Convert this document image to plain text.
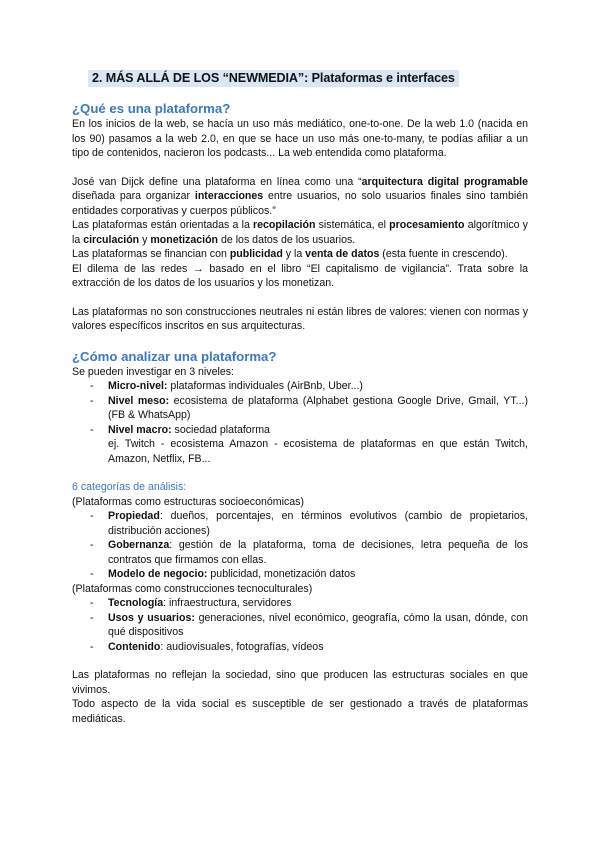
2. MÁS ALLÁ DE LOS “NEWMEDIA”: Plataformas e interfaces

¿Qué es una plataforma?

En los inicios de la web, se hacía un uso más mediático, one-to-one. De la web 1.0 (nacida en los 90) pasamos a la web 2.0, en que se hace un uso más one-to-many, te podías afiliar a un tipo de contenidos, nacieron los podcasts... La web entendida como plataforma.

José van Dijck define una plataforma en línea como una “arquitectura digital programable diseñada para organizar interacciones entre usuarios, no solo usuarios finales sino también entidades corporativas y cuerpos públicos.”

Las plataformas están orientadas a la recopilación sistemática, el procesamiento algorítmico y la circulación y monetización de los datos de los usuarios.

Las plataformas se financian con publicidad y la venta de datos (esta fuente in crescendo).

El dilema de las redes → basado en el libro “El capitalismo de vigilancia”. Trata sobre la extracción de los datos de los usuarios y los monetizan.

Las plataformas no son construcciones neutrales ni están libres de valores: vienen con normas y valores específicos inscritos en sus arquitecturas.

¿Cómo analizar una plataforma?

Se pueden investigar en 3 niveles:

- Micro-nivel: plataformas individuales (AirBnb, Uber...)
- Nivel meso: ecosistema de plataforma (Alphabet gestiona Google Drive, Gmail, YT...) (FB & WhatsApp)
- Nivel macro: sociedad plataforma
ej. Twitch - ecosistema Amazon - ecosistema de plataformas en que están Twitch, Amazon, Netflix, FB...

6 categorías de análisis:

(Plataformas como estructuras socioeconómicas)

- Propiedad: dueños, porcentajes, en términos evolutivos (cambio de propietarios, distribución acciones)
- Gobernanza: gestión de la plataforma, toma de decisiones, letra pequeña de los contratos que firmamos con ellas.
- Modelo de negocio: publicidad, monetización datos

(Plataformas como construcciones tecnoculturales)

- Tecnología: infraestructura, servidores
- Usos y usuarios: generaciones, nivel económico, geografía, cómo la usan, dónde, con qué dispositivos
- Contenido: audiovisuales, fotografías, vídeos

Las plataformas no reflejan la sociedad, sino que producen las estructuras sociales en que vivimos.

Todo aspecto de la vida social es susceptible de ser gestionado a través de plataformas mediáticas.
